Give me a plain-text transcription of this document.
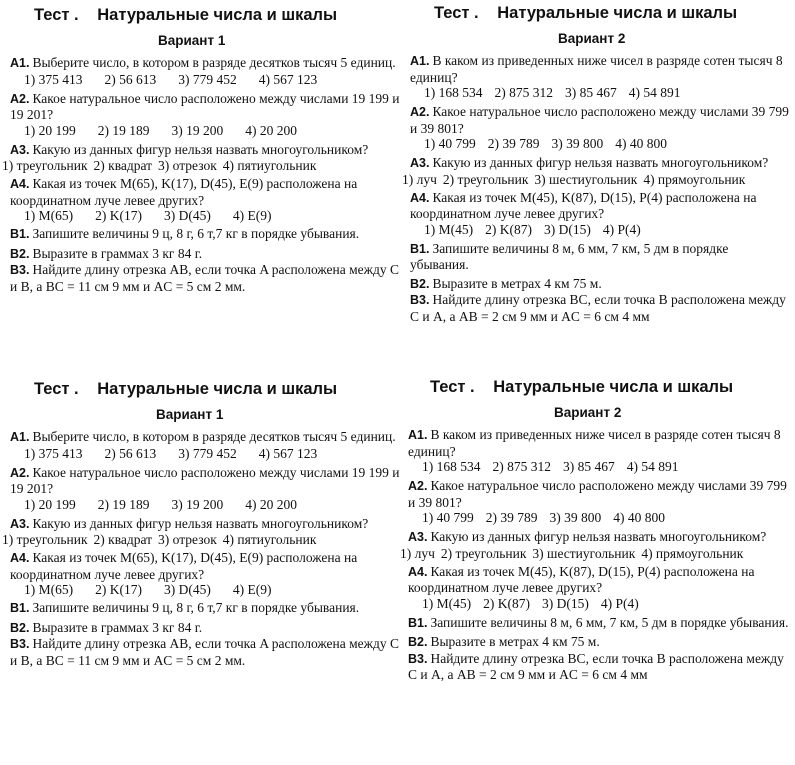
Тест . Натуральные числа и шкалы
Вариант 1

А1. Выберите число, в котором в разряде десятков тысяч 5 единиц.

1) 375 413 2) 56 613 3) 779 452 4) 567 123

А2. Какое натуральное число расположено между числами 19 199 и 19 201?

1) 20 199 2) 19 189 3) 19 200 4) 20 200

А3. Какую из данных фигур нельзя назвать многоугольником?

1) треугольник 2) квадрат 3) отрезок 4) пятиугольник

А4. Какая из точек M(65), K(17), D(45), E(9) расположена на координатном луче левее других?

1) M(65) 2) K(17) 3) D(45) 4) E(9)

В1. Запишите величины 9 ц, 8 г, 6 т,7 кг в порядке убывания.

В2. Выразите в граммах 3 кг 84 г.

В3. Найдите длину отрезка AB, если точка A расположена между C и B, а BC = 11 см 9 мм и AC = 5 см 2 мм.

Тест . Натуральные числа и шкалы
Вариант 2

А1. В каком из приведенных ниже чисел в разряде сотен тысяч 8 единиц?

1) 168 534 2) 875 312 3) 85 467 4) 54 891

А2. Какое натуральное число расположено между числами 39 799 и 39 801?

1) 40 799 2) 39 789 3) 39 800 4) 40 800

А3. Какую из данных фигур нельзя назвать многоугольником?

1) луч 2) треугольник 3) шестиугольник 4) прямоугольник

А4. Какая из точек M(45), K(87), D(15), P(4) расположена на координатном луче левее других?

1) M(45) 2) K(87) 3) D(15) 4) P(4)

В1. Запишите величины 8 м, 6 мм, 7 км, 5 дм в порядке убывания.

В2. Выразите в метрах 4 км 75 м.

В3. Найдите длину отрезка BC, если точка B расположена между C и A, а AB = 2 см 9 мм и AC = 6 см 4 мм

Тест . Натуральные числа и шкалы
Вариант 1

А1. Выберите число, в котором в разряде десятков тысяч 5 единиц.

1) 375 413 2) 56 613 3) 779 452 4) 567 123

А2. Какое натуральное число расположено между числами 19 199 и 19 201?

1) 20 199 2) 19 189 3) 19 200 4) 20 200

А3. Какую из данных фигур нельзя назвать многоугольником?

1) треугольник 2) квадрат 3) отрезок 4) пятиугольник

А4. Какая из точек M(65), K(17), D(45), E(9) расположена на координатном луче левее других?

1) M(65) 2) K(17) 3) D(45) 4) E(9)

В1. Запишите величины 9 ц, 8 г, 6 т,7 кг в порядке убывания.

В2. Выразите в граммах 3 кг 84 г.

В3. Найдите длину отрезка AB, если точка A расположена между C и B, а BC = 11 см 9 мм и AC = 5 см 2 мм.

Тест . Натуральные числа и шкалы
Вариант 2

А1. В каком из приведенных ниже чисел в разряде сотен тысяч 8 единиц?

1) 168 534 2) 875 312 3) 85 467 4) 54 891

А2. Какое натуральное число расположено между числами 39 799 и 39 801?

1) 40 799 2) 39 789 3) 39 800 4) 40 800

А3. Какую из данных фигур нельзя назвать многоугольником?

1) луч 2) треугольник 3) шестиугольник 4) прямоугольник

А4. Какая из точек M(45), K(87), D(15), P(4) расположена на координатном луче левее других?

1) M(45) 2) K(87) 3) D(15) 4) P(4)

В1. Запишите величины 8 м, 6 мм, 7 км, 5 дм в порядке убывания.

В2. Выразите в метрах 4 км 75 м.

В3. Найдите длину отрезка BC, если точка B расположена между C и A, а AB = 2 см 9 мм и AC = 6 см 4 мм
